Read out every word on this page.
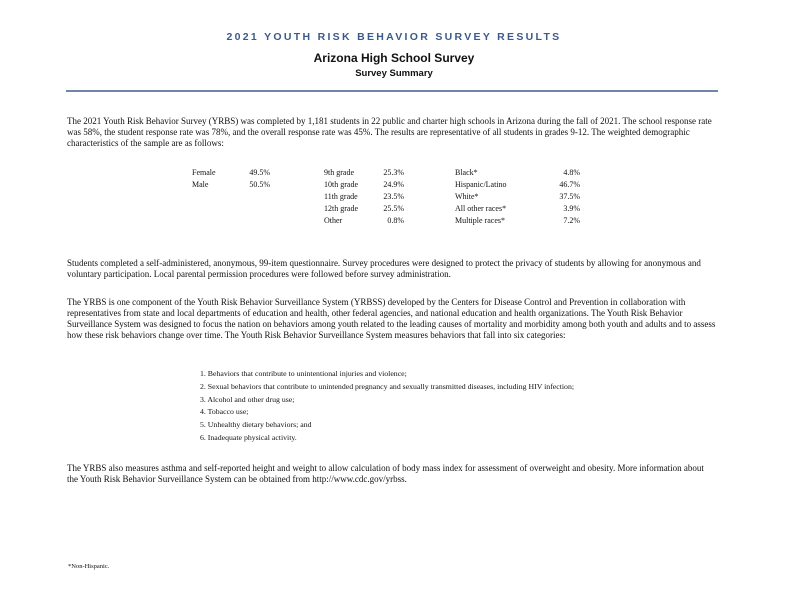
2021 YOUTH RISK BEHAVIOR SURVEY RESULTS
Arizona High School Survey
Survey Summary

The 2021 Youth Risk Behavior Survey (YRBS) was completed by 1,181 students in 22 public and charter high schools in Arizona during the fall of 2021. The school response rate was 58%, the student response rate was 78%, and the overall response rate was 45%. The results are representative of all students in grades 9-12. The weighted demographic characteristics of the sample are as follows:

Female
Male
49.5%
50.5%
9th grade
10th grade
11th grade
12th grade
Other
25.3%
24.9%
23.5%
25.5%
0.8%
Black*
Hispanic/Latino
White*
All other races*
Multiple races*
4.8%
46.7%
37.5%
3.9%
7.2%

Students completed a self-administered, anonymous, 99-item questionnaire. Survey procedures were designed to protect the privacy of students by allowing for anonymous and voluntary participation. Local parental permission procedures were followed before survey administration.

The YRBS is one component of the Youth Risk Behavior Surveillance System (YRBSS) developed by the Centers for Disease Control and Prevention in collaboration with representatives from state and local departments of education and health, other federal agencies, and national education and health organizations. The Youth Risk Behavior Surveillance System was designed to focus the nation on behaviors among youth related to the leading causes of mortality and morbidity among both youth and adults and to assess how these risk behaviors change over time. The Youth Risk Behavior Surveillance System measures behaviors that fall into six categories:

1. Behaviors that contribute to unintentional injuries and violence;
2. Sexual behaviors that contribute to unintended pregnancy and sexually transmitted diseases, including HIV infection;
3. Alcohol and other drug use;
4. Tobacco use;
5. Unhealthy dietary behaviors; and
6. Inadequate physical activity.

The YRBS also measures asthma and self-reported height and weight to allow calculation of body mass index for assessment of overweight and obesity. More information about the Youth Risk Behavior Surveillance System can be obtained from http://www.cdc.gov/yrbss.

*Non-Hispanic.
